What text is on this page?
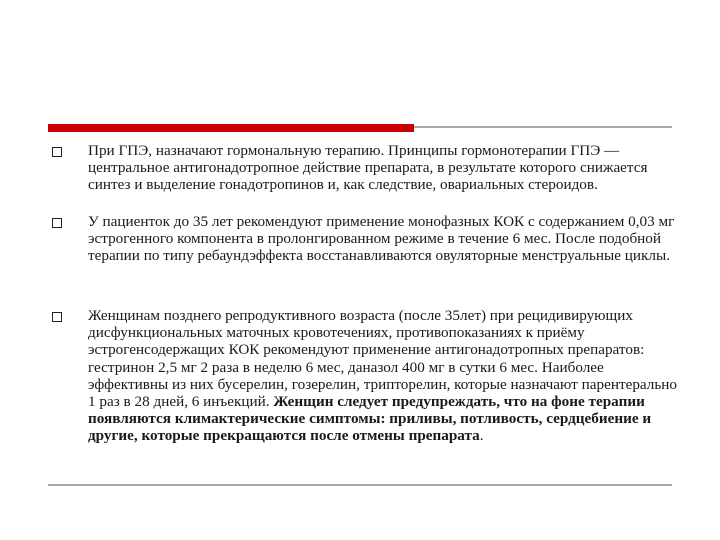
При ГПЭ, назначают гормональную терапию. Принципы гормонотерапии ГПЭ — центральное антигонадотропное действие препарата, в результате которого снижается синтез и выделение гонадотропинов и, как следствие, овариальных стероидов.
У пациенток до 35 лет рекомендуют применение монофазных КОК с содержанием 0,03 мг эстрогенного компонента в пролонгированном режиме в течение 6 мес. После подобной терапии по типу ребаундэффекта восстанавливаются овуляторные менструальные циклы.
Женщинам позднего репродуктивного возраста (после 35лет) при рецидивирующих дисфункциональных маточных кровотечениях, противопоказаниях к приёму эстрогенсодержащих КОК рекомендуют применение антигонадотропных препаратов: гестринон 2,5 мг 2 раза в неделю 6 мес, даназол 400 мг в сутки 6 мес. Наиболее эффективны из них бусерелин, гозерелин, трипторелин, которые назначают парентерально 1 раз в 28 дней, 6 инъекций. Женщин следует предупреждать, что на фоне терапии появляются климактерические симптомы: приливы, потливость, сердцебиение и другие, которые прекращаются после отмены препарата.
